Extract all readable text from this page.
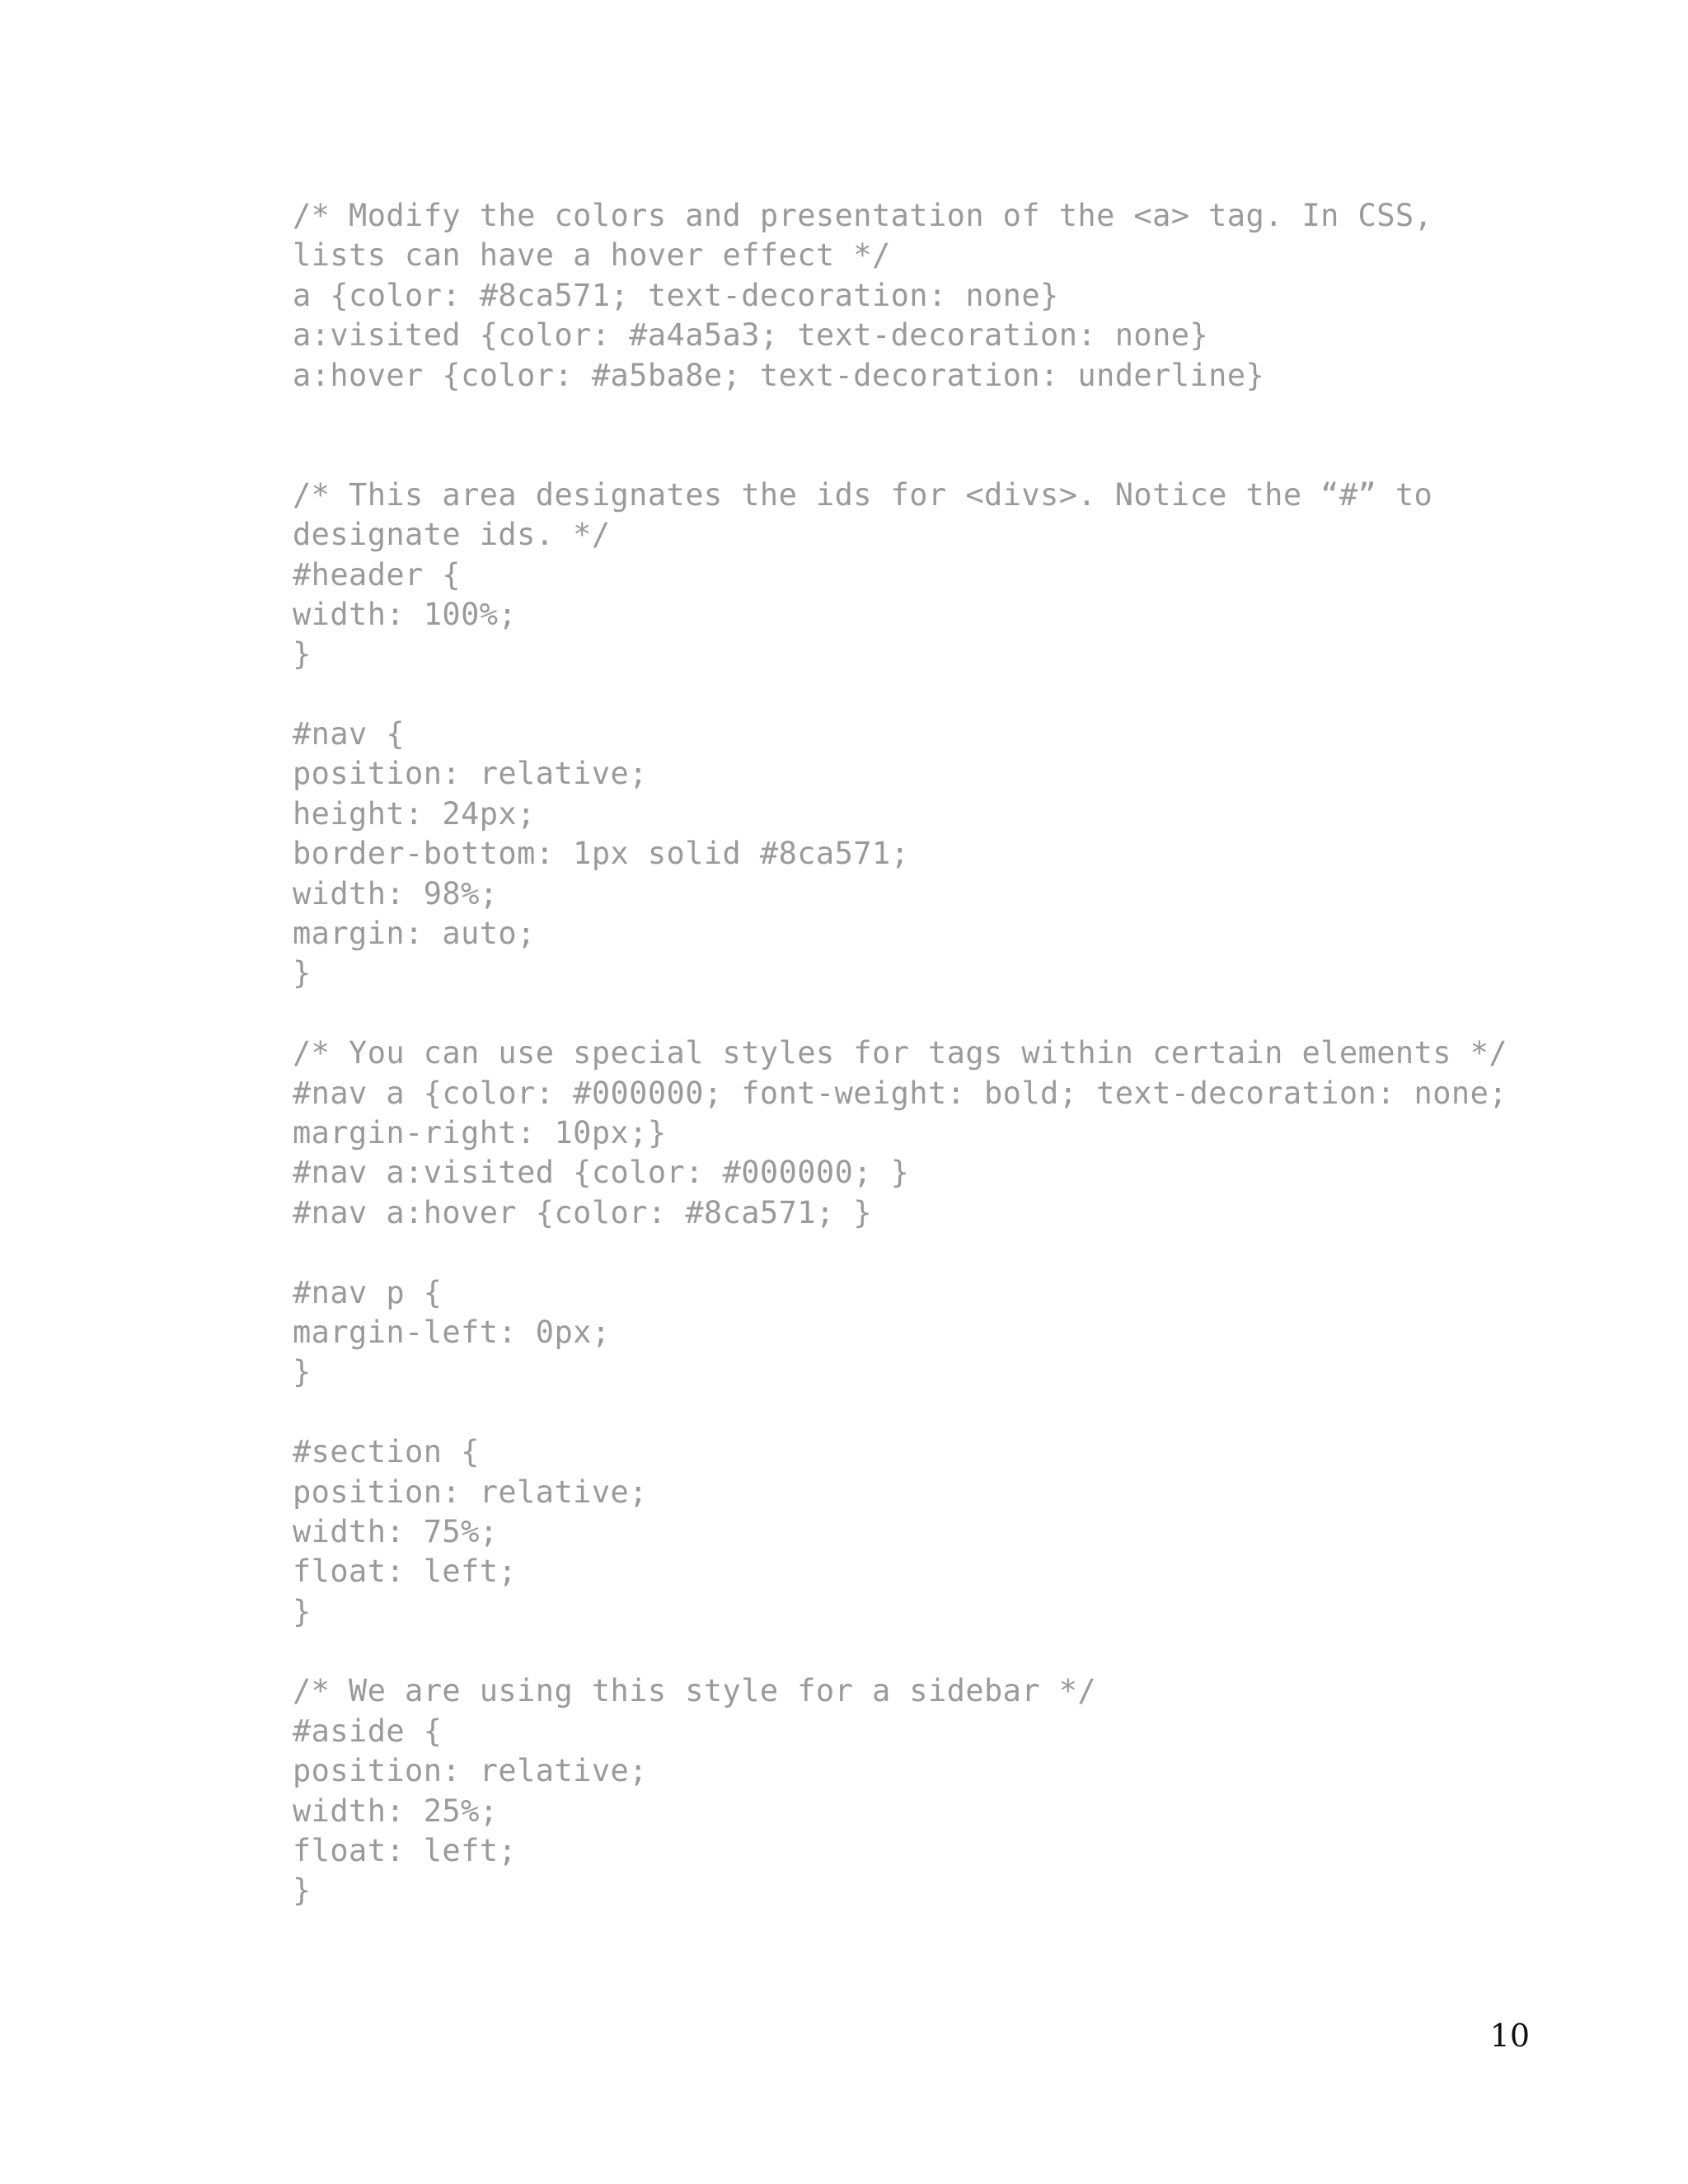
/* Modify the colors and presentation of the <a> tag. In CSS,
lists can have a hover effect */
a {color: #8ca571; text-decoration: none}
a:visited {color: #a4a5a3; text-decoration: none}
a:hover {color: #a5ba8e; text-decoration: underline}
/* This area designates the ids for <divs>. Notice the “#” to
designate ids. */
#header {
width: 100%;
}
#nav {
position: relative;
height: 24px;
border-bottom: 1px solid #8ca571;
width: 98%;
margin: auto;
}
/* You can use special styles for tags within certain elements */
#nav a {color: #000000; font-weight: bold; text-decoration: none;
margin-right: 10px;}
#nav a:visited {color: #000000; }
#nav a:hover {color: #8ca571; }
#nav p {
margin-left: 0px;
}
#section {
position: relative;
width: 75%;
float: left;
}
/* We are using this style for a sidebar */
#aside {
position: relative;
width: 25%;
float: left;
}
10
